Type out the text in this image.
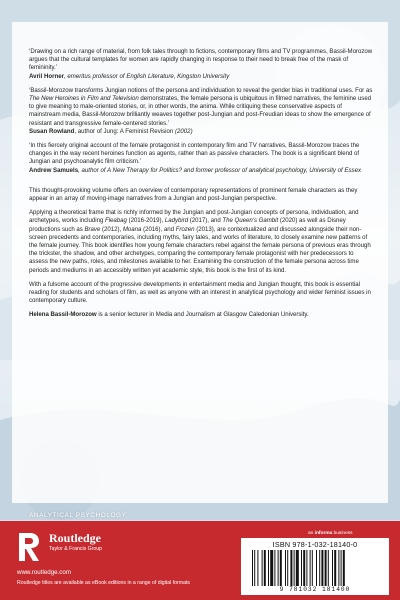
‘Drawing on a rich range of material, from folk tales through to fictions, contemporary films and TV programmes, Bassil-Morozow argues that the cultural templates for women are rapidly changing in response to their need to break free of the mask of femininity.’

Avril Horner, emeritus professor of English Literature, Kingston University

‘Bassil-Morozow transforms Jungian notions of the persona and individuation to reveal the gender bias in traditional uses. For as The New Heroines in Film and Television demonstrates, the female persona is ubiquitous in filmed narratives, the feminine used to give meaning to male-oriented stories, or, in other words, the anima. While critiquing these conservative aspects of mainstream media, Bassil-Morozow brilliantly weaves together post-Jungian and post-Freudian ideas to show the emergence of resistant and transgressive female-centered stories.’

Susan Rowland, author of Jung: A Feminist Revision (2002)

‘In this fiercely original account of the female protagonist in contemporary film and TV narratives, Bassil-Morozow traces the changes in the way recent heroines function as agents, rather than as passive characters. The book is a significant blend of Jungian and psychoanalytic film criticism.’

Andrew Samuels, author of A New Therapy for Politics? and former professor of analytical psychology, University of Essex

This thought-provoking volume offers an overview of contemporary representations of prominent female characters as they appear in an array of moving-image narratives from a Jungian and post-Jungian perspective.

Applying a theoretical frame that is richly informed by the Jungian and post-Jungian concepts of persona, individuation, and archetypes, works including Fleabag (2016-2019), Ladybird (2017), and The Queen’s Gambit (2020) as well as Disney productions such as Brave (2012), Moana (2016), and Frozen (2013), are contextualized and discussed alongside their non-screen precedents and contemporaries, including myths, fairy tales, and works of literature, to closely examine new patterns of the female journey. This book identifies how young female characters rebel against the female persona of previous eras through the trickster, the shadow, and other archetypes, comparing the contemporary female protagonist with her predecessors to assess the new paths, roles, and milestones available to her. Examining the construction of the female persona across time periods and mediums in an accessibly written yet academic style, this book is the first of its kind.

With a fulsome account of the progressive developments in entertainment media and Jungian thought, this book is essential reading for students and scholars of film, as well as anyone with an interest in analytical psychology and wider feminist issues in contemporary culture.

Helena Bassil-Morozow is a senior lecturer in Media and Journalism at Glasgow Caledonian University.

ANALYTICAL PSYCHOLOGY
Routledge
Taylor & Francis Group
www.routledge.com
Routledge titles are available as eBook editions in a range of digital formats
an informa business
ISBN 978-1-032-18140-0
9 781032 181400
